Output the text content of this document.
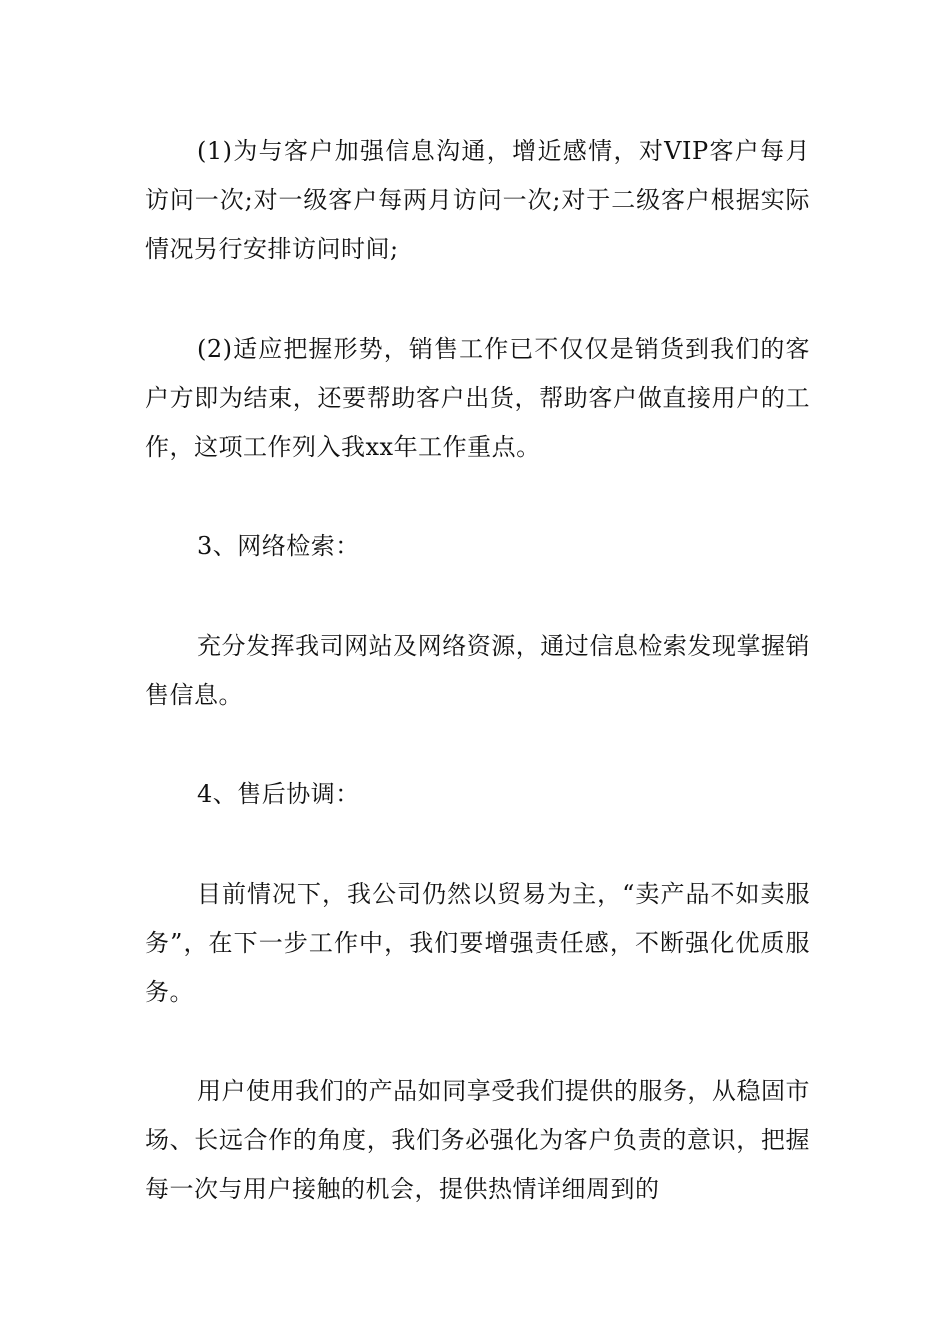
(1)为与客户加强信息沟通，增近感情，对VIP客户每月访问一次;对一级客户每两月访问一次;对于二级客户根据实际情况另行安排访问时间;

(2)适应把握形势，销售工作已不仅仅是销货到我们的客户方即为结束，还要帮助客户出货，帮助客户做直接用户的工作，这项工作列入我xx年工作重点。

3、网络检索：

充分发挥我司网站及网络资源，通过信息检索发现掌握销售信息。

4、售后协调：

目前情况下，我公司仍然以贸易为主，“卖产品不如卖服务”，在下一步工作中，我们要增强责任感，不断强化优质服务。

用户使用我们的产品如同享受我们提供的服务，从稳固市场、长远合作的角度，我们务必强化为客户负责的意识，把握每一次与用户接触的机会，提供热情详细周到的
